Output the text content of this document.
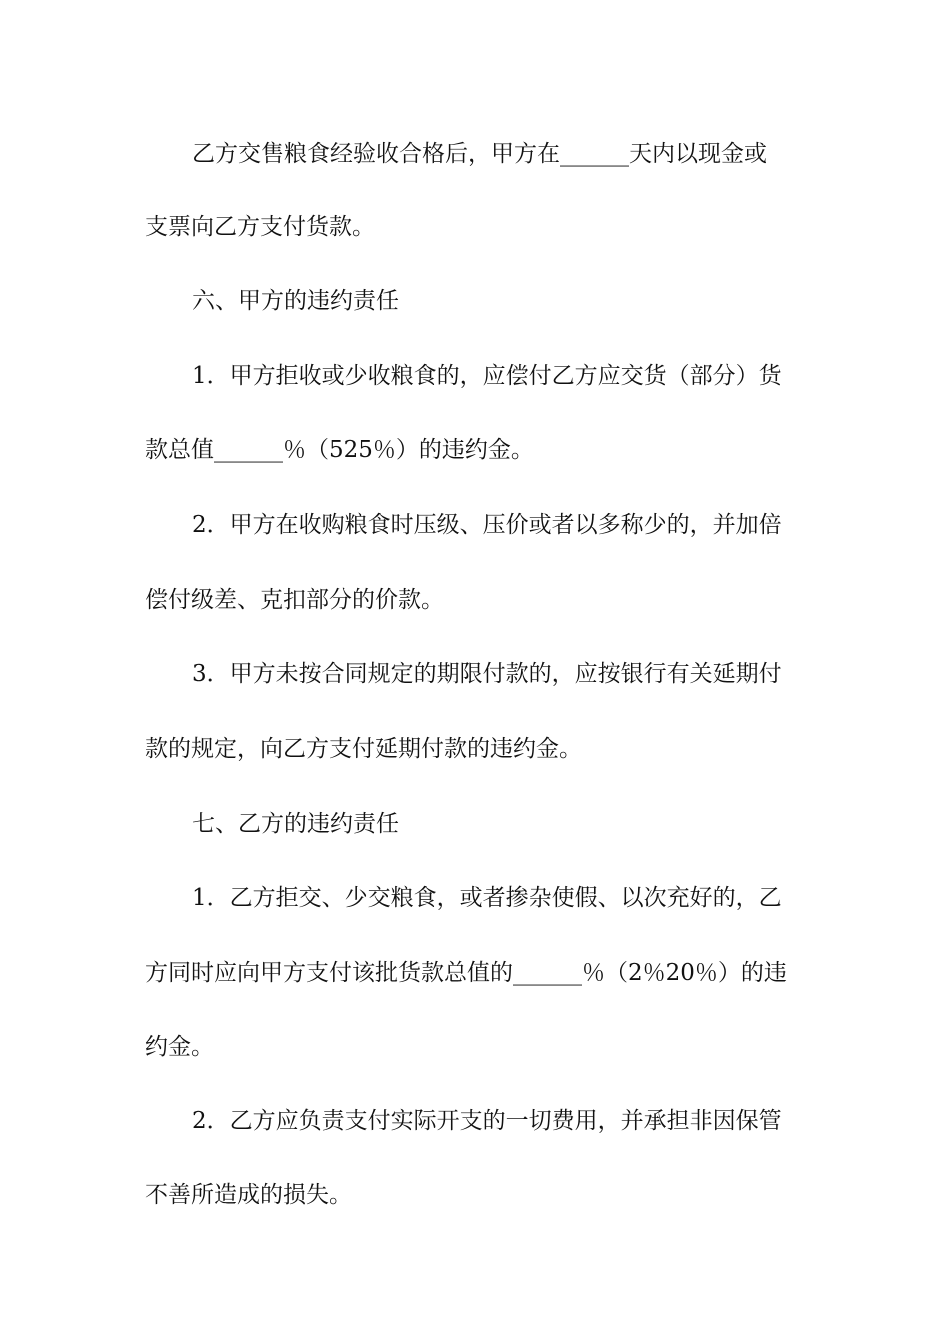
乙方交售粮食经验收合格后，甲方在______天内以现金或
支票向乙方支付货款。
六、甲方的违约责任
1．甲方拒收或少收粮食的，应偿付乙方应交货（部分）货
款总值______％（525％）的违约金。
2．甲方在收购粮食时压级、压价或者以多称少的，并加倍
偿付级差、克扣部分的价款。
3．甲方未按合同规定的期限付款的，应按银行有关延期付
款的规定，向乙方支付延期付款的违约金。
七、乙方的违约责任
1．乙方拒交、少交粮食，或者掺杂使假、以次充好的，乙
方同时应向甲方支付该批货款总值的______％（2％20％）的违
约金。
2．乙方应负责支付实际开支的一切费用，并承担非因保管
不善所造成的损失。
